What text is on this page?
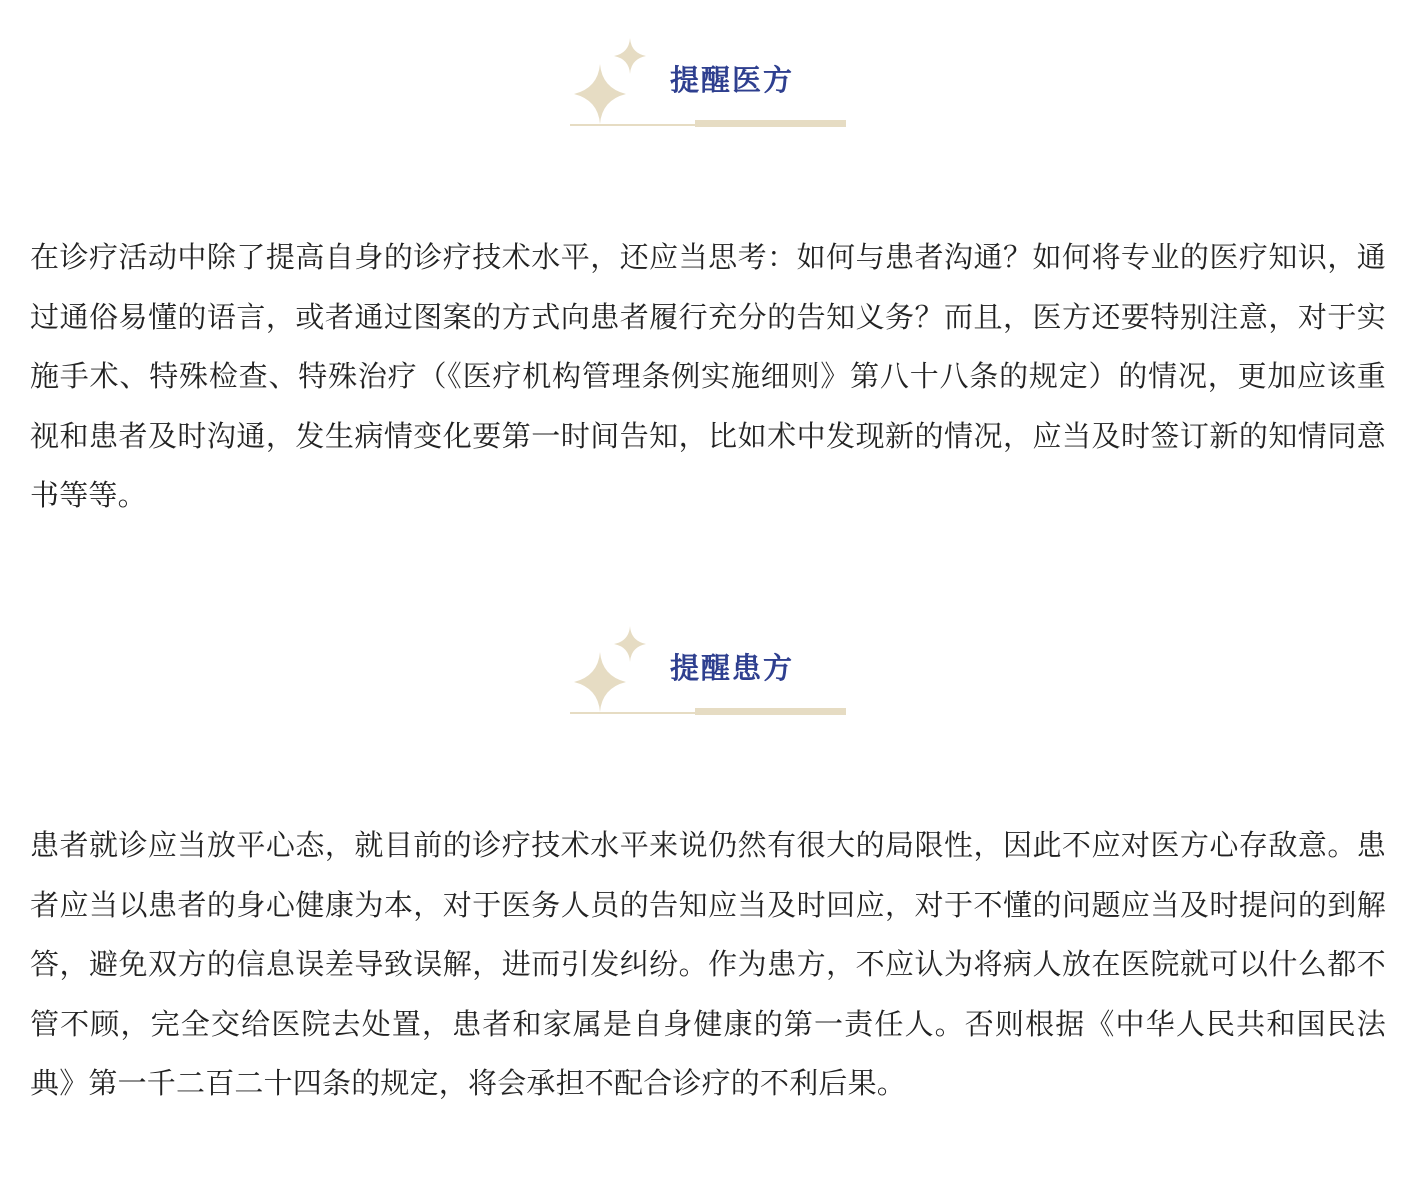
提醒医方

在诊疗活动中除了提高自身的诊疗技术水平，还应当思考：如何与患者沟通？如何将专业的医疗知识，通过通俗易懂的语言，或者通过图案的方式向患者履行充分的告知义务？而且，医方还要特别注意，对于实施手术、特殊检查、特殊治疗（《医疗机构管理条例实施细则》第八十八条的规定）的情况，更加应该重视和患者及时沟通，发生病情变化要第一时间告知，比如术中发现新的情况，应当及时签订新的知情同意书等等。

提醒患方

患者就诊应当放平心态，就目前的诊疗技术水平来说仍然有很大的局限性，因此不应对医方心存敌意。患者应当以患者的身心健康为本，对于医务人员的告知应当及时回应，对于不懂的问题应当及时提问的到解答，避免双方的信息误差导致误解，进而引发纠纷。作为患方，不应认为将病人放在医院就可以什么都不管不顾，完全交给医院去处置，患者和家属是自身健康的第一责任人。否则根据《中华人民共和国民法典》第一千二百二十四条的规定，将会承担不配合诊疗的不利后果。
